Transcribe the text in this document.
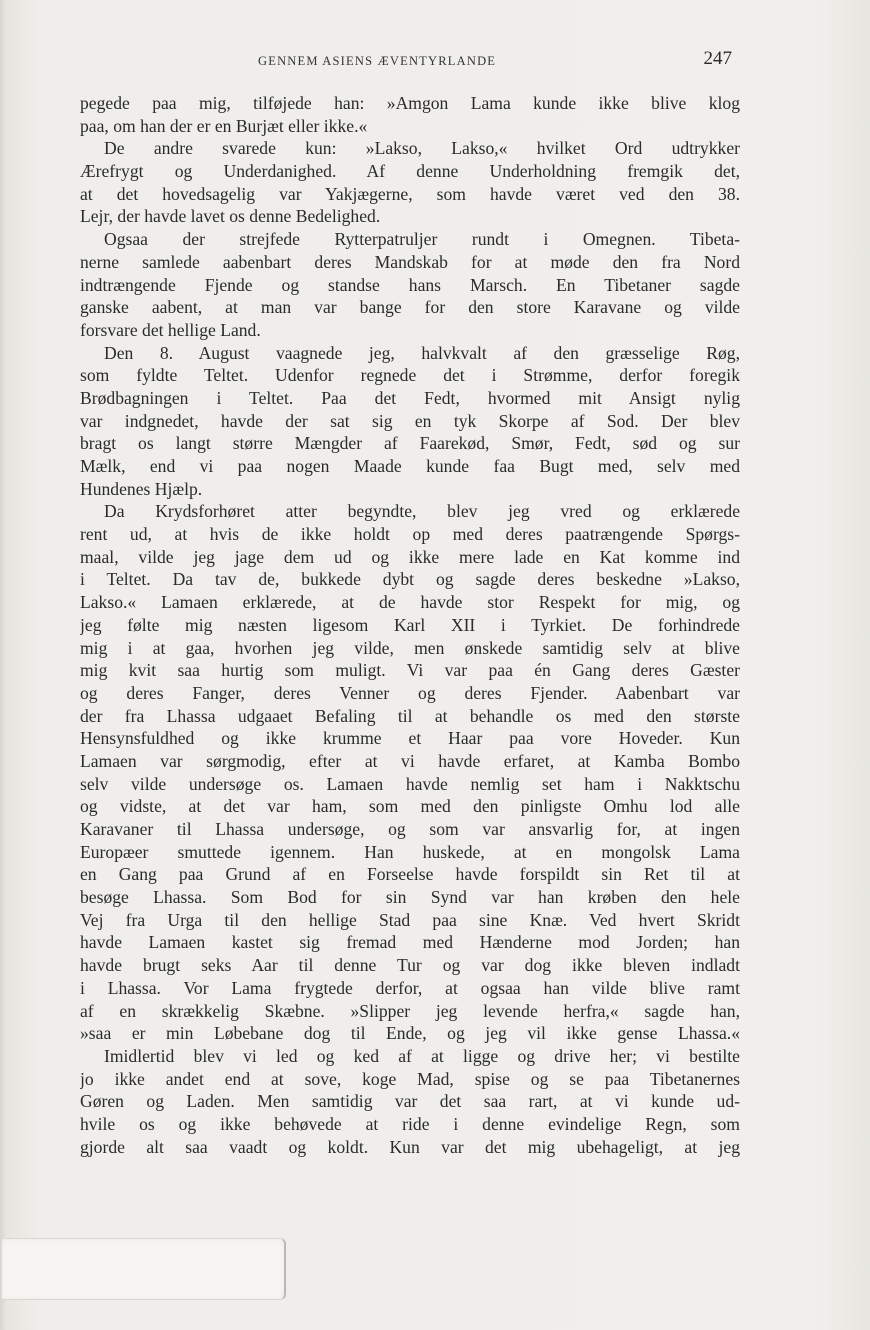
GENNEM ASIENS ÆVENTYRLANDE	247
pegede paa mig, tilføjede han: »Amgon Lama kunde ikke blive klog
paa, om han der er en Burjæt eller ikke.«
De andre svarede kun: »Lakso, Lakso,« hvilket Ord udtrykker
Ærefrygt og Underdanighed. Af denne Underholdning fremgik det,
at det hovedsagelig var Yakjægerne, som havde været ved den 38.
Lejr, der havde lavet os denne Bedelighed.
Ogsaa der strejfede Rytterpatruljer rundt i Omegnen. Tibeta-
nerne samlede aabenbart deres Mandskab for at møde den fra Nord
indtrængende Fjende og standse hans Marsch. En Tibetaner sagde
ganske aabent, at man var bange for den store Karavane og vilde
forsvare det hellige Land.
Den 8. August vaagnede jeg, halvkvalt af den græsselige Røg,
som fyldte Teltet. Udenfor regnede det i Strømme, derfor foregik
Brødbagningen i Teltet. Paa det Fedt, hvormed mit Ansigt nylig
var indgnedet, havde der sat sig en tyk Skorpe af Sod. Der blev
bragt os langt større Mængder af Faarekød, Smør, Fedt, sød og sur
Mælk, end vi paa nogen Maade kunde faa Bugt med, selv med
Hundenes Hjælp.
Da Krydsforhøret atter begyndte, blev jeg vred og erklærede
rent ud, at hvis de ikke holdt op med deres paatrængende Spørgs-
maal, vilde jeg jage dem ud og ikke mere lade en Kat komme ind
i Teltet. Da tav de, bukkede dybt og sagde deres beskedne »Lakso,
Lakso.« Lamaen erklærede, at de havde stor Respekt for mig, og
jeg følte mig næsten ligesom Karl XII i Tyrkiet. De forhindrede
mig i at gaa, hvorhen jeg vilde, men ønskede samtidig selv at blive
mig kvit saa hurtig som muligt. Vi var paa én Gang deres Gæster
og deres Fanger, deres Venner og deres Fjender. Aabenbart var
der fra Lhassa udgaaet Befaling til at behandle os med den største
Hensynsfuldhed og ikke krumme et Haar paa vore Hoveder. Kun
Lamaen var sørgmodig, efter at vi havde erfaret, at Kamba Bombo
selv vilde undersøge os. Lamaen havde nemlig set ham i Nakktschu
og vidste, at det var ham, som med den pinligste Omhu lod alle
Karavaner til Lhassa undersøge, og som var ansvarlig for, at ingen
Europæer smuttede igennem. Han huskede, at en mongolsk Lama
en Gang paa Grund af en Forseelse havde forspildt sin Ret til at
besøge Lhassa. Som Bod for sin Synd var han krøben den hele
Vej fra Urga til den hellige Stad paa sine Knæ. Ved hvert Skridt
havde Lamaen kastet sig fremad med Hænderne mod Jorden; han
havde brugt seks Aar til denne Tur og var dog ikke bleven indladt
i Lhassa. Vor Lama frygtede derfor, at ogsaa han vilde blive ramt
af en skrækkelig Skæbne. »Slipper jeg levende herfra,« sagde han,
»saa er min Løbebane dog til Ende, og jeg vil ikke gense Lhassa.«
Imidlertid blev vi led og ked af at ligge og drive her; vi bestilte
jo ikke andet end at sove, koge Mad, spise og se paa Tibetanernes
Gøren og Laden. Men samtidig var det saa rart, at vi kunde ud-
hvile os og ikke behøvede at ride i denne evindelige Regn, som
gjorde alt saa vaadt og koldt. Kun var det mig ubehageligt, at jeg
